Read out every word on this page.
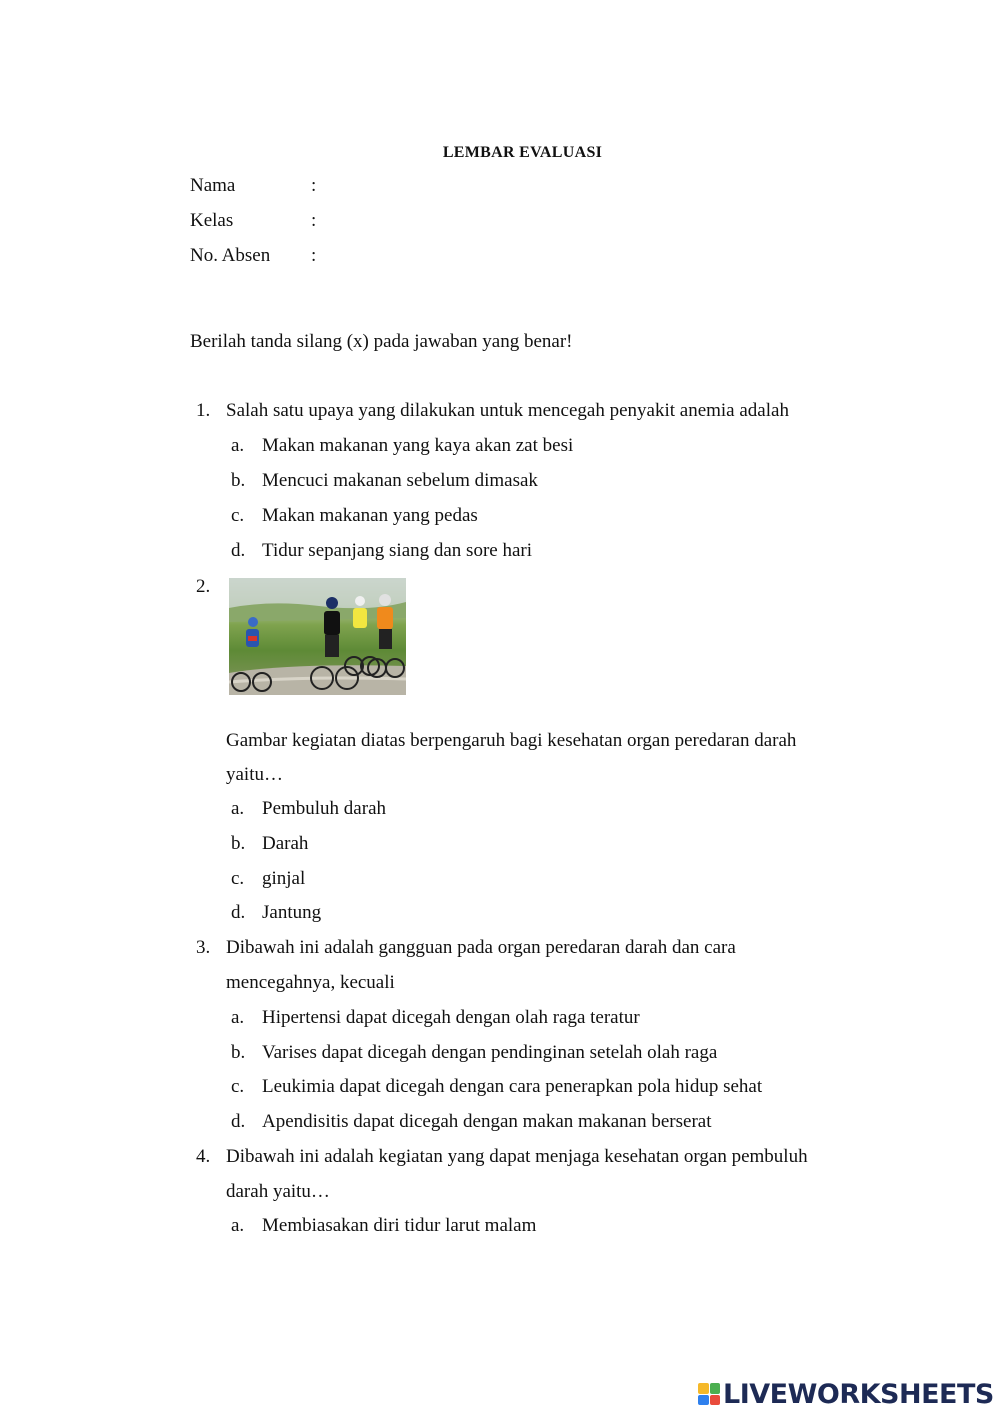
LEMBAR EVALUASI
Nama	:
Kelas	:
No. Absen :
Berilah tanda silang (x) pada jawaban yang benar!
1. Salah satu upaya yang dilakukan untuk mencegah penyakit anemia adalah
a. Makan makanan yang kaya akan zat besi
b. Mencuci makanan sebelum dimasak
c. Makan makanan yang pedas
d. Tidur sepanjang siang dan sore hari
2.
Gambar kegiatan diatas berpengaruh bagi kesehatan organ peredaran darah
yaitu…
a. Pembuluh darah
b. Darah
c. ginjal
d. Jantung
3. Dibawah ini adalah gangguan pada organ peredaran darah dan cara
mencegahnya, kecuali
a. Hipertensi dapat dicegah dengan olah raga teratur
b. Varises dapat dicegah dengan pendinginan setelah olah raga
c. Leukimia dapat dicegah dengan cara penerapkan pola hidup sehat
d. Apendisitis dapat dicegah dengan makan makanan berserat
4. Dibawah ini adalah kegiatan yang dapat menjaga kesehatan organ pembuluh
darah yaitu…
a. Membiasakan diri tidur larut malam
LIVEWORKSHEETS
